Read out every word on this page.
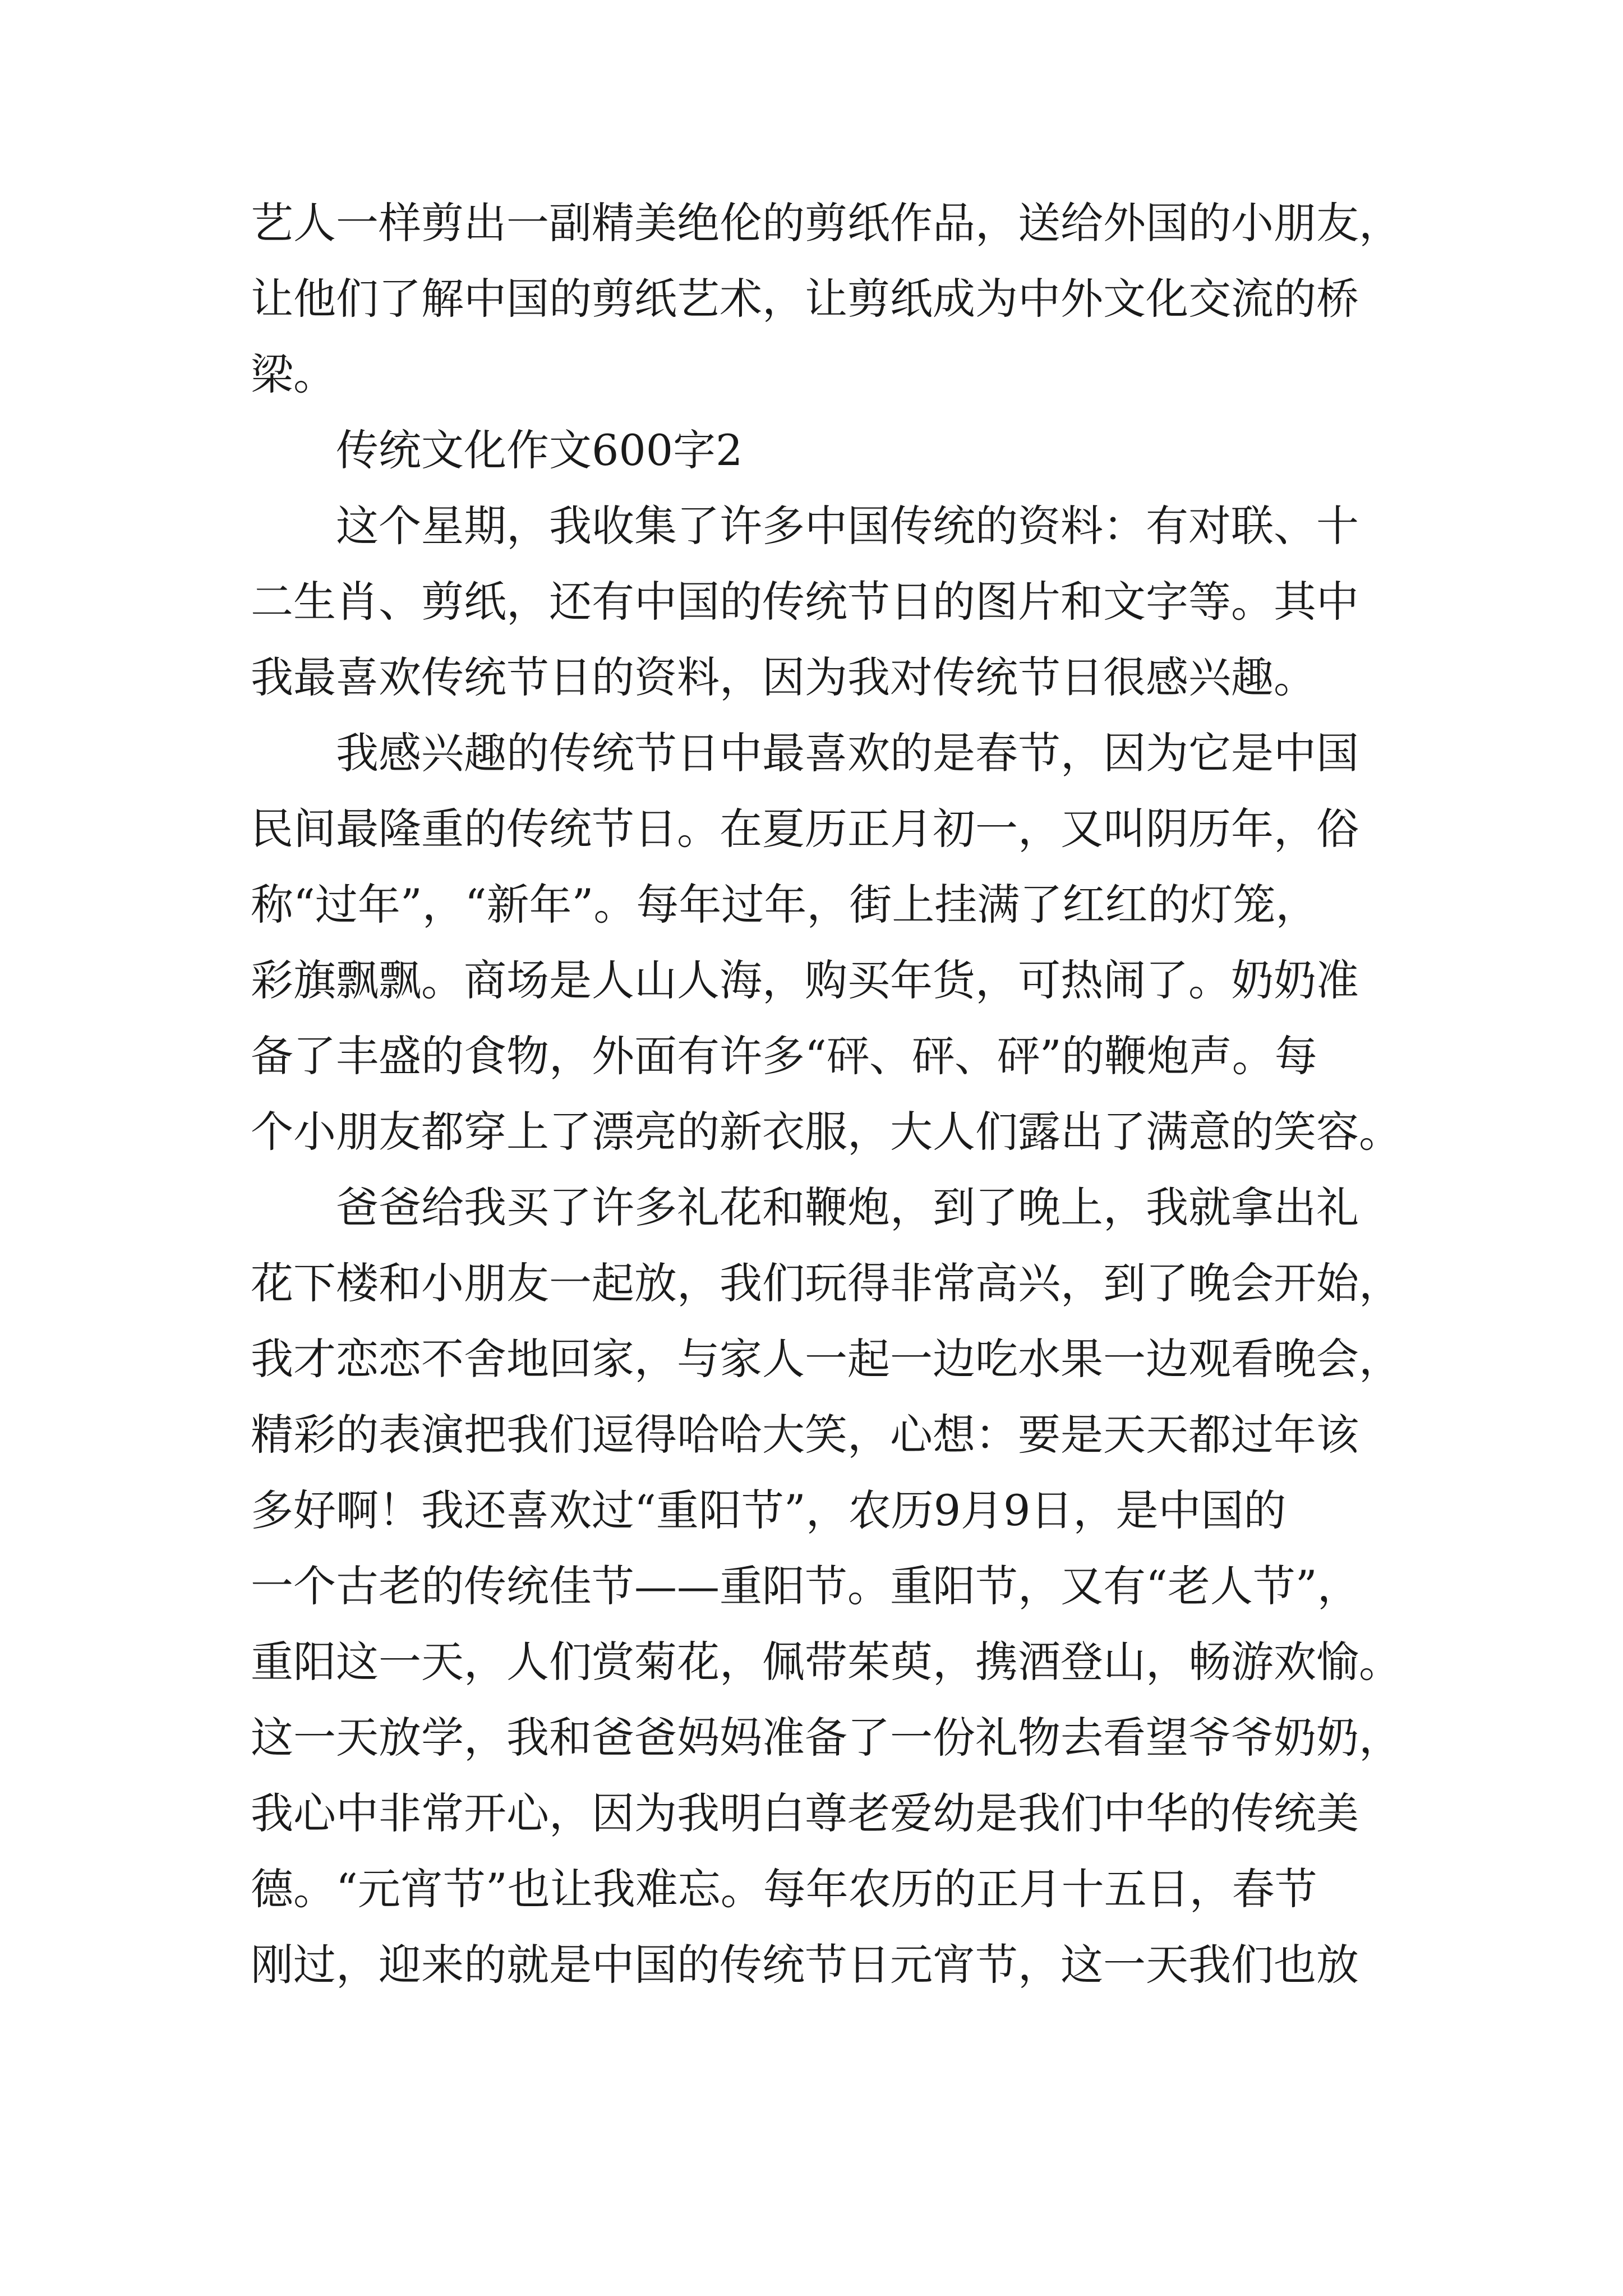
艺人一样剪出一副精美绝伦的剪纸作品，送给外国的小朋友，
让他们了解中国的剪纸艺术，让剪纸成为中外文化交流的桥
梁。
传统文化作文600字2
这个星期，我收集了许多中国传统的资料：有对联、十
二生肖、剪纸，还有中国的传统节日的图片和文字等。其中
我最喜欢传统节日的资料，因为我对传统节日很感兴趣。
我感兴趣的传统节日中最喜欢的是春节，因为它是中国
民间最隆重的传统节日。在夏历正月初一，又叫阴历年，俗
称“过年”，“新年”。每年过年，街上挂满了红红的灯笼，
彩旗飘飘。商场是人山人海，购买年货，可热闹了。奶奶准
备了丰盛的食物，外面有许多“砰、砰、砰”的鞭炮声。每
个小朋友都穿上了漂亮的新衣服，大人们露出了满意的笑容。
爸爸给我买了许多礼花和鞭炮，到了晚上，我就拿出礼
花下楼和小朋友一起放，我们玩得非常高兴，到了晚会开始，
我才恋恋不舍地回家，与家人一起一边吃水果一边观看晚会，
精彩的表演把我们逗得哈哈大笑，心想：要是天天都过年该
多好啊！我还喜欢过“重阳节”，农历9月9日，是中国的
一个古老的传统佳节——重阳节。重阳节，又有“老人节”，
重阳这一天，人们赏菊花，佩带茱萸，携酒登山，畅游欢愉。
这一天放学，我和爸爸妈妈准备了一份礼物去看望爷爷奶奶，
我心中非常开心，因为我明白尊老爱幼是我们中华的传统美
德。“元宵节”也让我难忘。每年农历的正月十五日，春节
刚过，迎来的就是中国的传统节日元宵节，这一天我们也放
